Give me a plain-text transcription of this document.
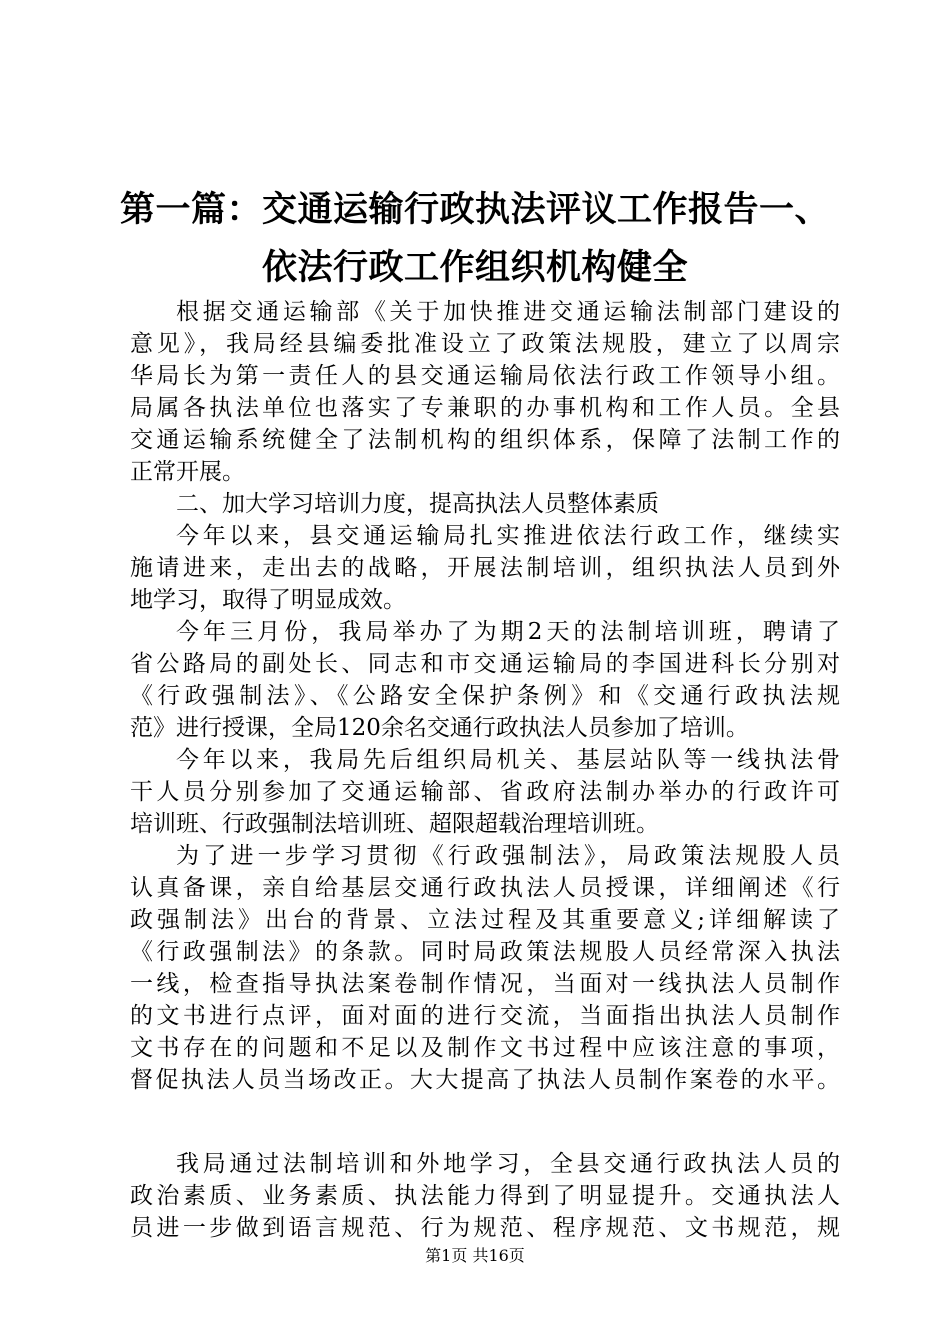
第一篇：交通运输行政执法评议工作报告一、
依法行政工作组织机构健全
根据交通运输部《关于加快推进交通运输法制部门建设的
意见》，我局经县编委批准设立了政策法规股，建立了以周宗
华局长为第一责任人的县交通运输局依法行政工作领导小组。
局属各执法单位也落实了专兼职的办事机构和工作人员。全县
交通运输系统健全了法制机构的组织体系，保障了法制工作的
正常开展。
二、加大学习培训力度，提高执法人员整体素质
今年以来，县交通运输局扎实推进依法行政工作，继续实
施请进来，走出去的战略，开展法制培训，组织执法人员到外
地学习，取得了明显成效。
今年三月份，我局举办了为期2天的法制培训班，聘请了
省公路局的副处长、同志和市交通运输局的李国进科长分别对
《行政强制法》、《公路安全保护条例》和《交通行政执法规
范》进行授课，全局120余名交通行政执法人员参加了培训。
今年以来，我局先后组织局机关、基层站队等一线执法骨
干人员分别参加了交通运输部、省政府法制办举办的行政许可
培训班、行政强制法培训班、超限超载治理培训班。
为了进一步学习贯彻《行政强制法》，局政策法规股人员
认真备课，亲自给基层交通行政执法人员授课，详细阐述《行
政强制法》出台的背景、立法过程及其重要意义;详细解读了
《行政强制法》的条款。同时局政策法规股人员经常深入执法
一线，检查指导执法案卷制作情况，当面对一线执法人员制作
的文书进行点评，面对面的进行交流，当面指出执法人员制作
文书存在的问题和不足以及制作文书过程中应该注意的事项，
督促执法人员当场改正。大大提高了执法人员制作案卷的水平。
我局通过法制培训和外地学习，全县交通行政执法人员的
政治素质、业务素质、执法能力得到了明显提升。交通执法人
员进一步做到语言规范、行为规范、程序规范、文书规范，规
第1页 共16页
